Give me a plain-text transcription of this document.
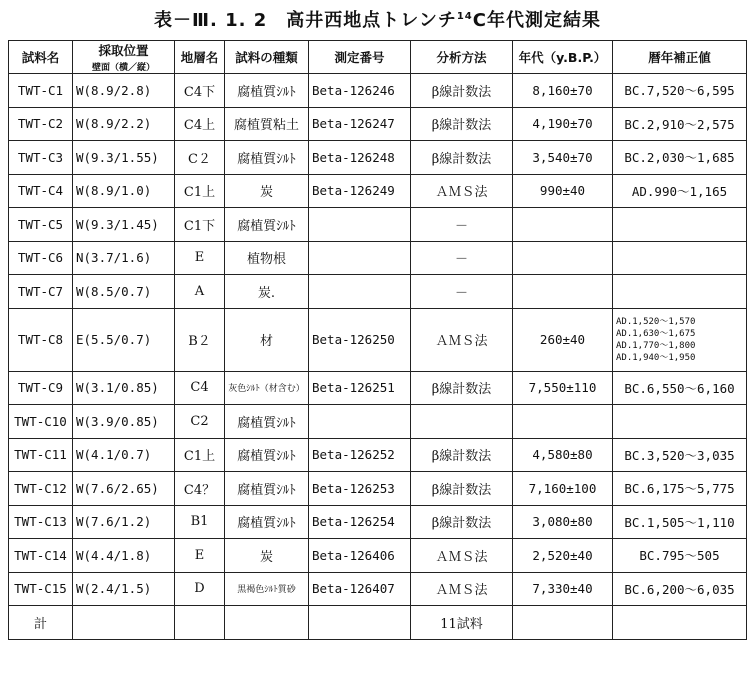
表－Ⅲ. 1. 2　高井西地点トレンチ$^{14}$C年代測定結果
試料名	採取位置
壁面（横／縦）	地層名	試料の種類	測定番号	分析方法	年代（y.B.P.）	暦年補正値
TWT-C1	W(8.9/2.8)	C4下	腐植質ｼﾙﾄ	Beta-126246	β線計数法	8,160±70	BC.7,520～6,595
TWT-C2	W(8.9/2.2)	C4上	腐植質粘土	Beta-126247	β線計数法	4,190±70	BC.2,910～2,575
TWT-C3	W(9.3/1.55)	C２	腐植質ｼﾙﾄ	Beta-126248	β線計数法	3,540±70	BC.2,030～1,685
TWT-C4	W(8.9/1.0)	C1上	炭	Beta-126249	ＡＭＳ法	990±40	AD.990～1,165
TWT-C5	W(9.3/1.45)	C1下	腐植質ｼﾙﾄ		－		
TWT-C6	N(3.7/1.6)	E	植物根		－		
TWT-C7	W(8.5/0.7)	A	炭.		－		
TWT-C8	E(5.5/0.7)	B２	材	Beta-126250	ＡＭＳ法	260±40	AD.1,520～1,570
AD.1,630～1,675
AD.1,770～1,800
AD.1,940～1,950

TWT-C9	W(3.1/0.85)	C4	灰色ｼﾙﾄ（材含む）	Beta-126251	β線計数法	7,550±110	BC.6,550～6,160
TWT-C10	W(3.9/0.85)	C2	腐植質ｼﾙﾄ				
TWT-C11	W(4.1/0.7)	C1上	腐植質ｼﾙﾄ	Beta-126252	β線計数法	4,580±80	BC.3,520～3,035
TWT-C12	W(7.6/2.65)	C4？	腐植質ｼﾙﾄ	Beta-126253	β線計数法	7,160±100	BC.6,175～5,775
TWT-C13	W(7.6/1.2)	B1	腐植質ｼﾙﾄ	Beta-126254	β線計数法	3,080±80	BC.1,505～1,110
TWT-C14	W(4.4/1.8)	E	炭	Beta-126406	ＡＭＳ法	2,520±40	BC.795～505
TWT-C15	W(2.4/1.5)	D	黒褐色ｼﾙﾄ質砂	Beta-126407	ＡＭＳ法	7,330±40	BC.6,200～6,035
計					11試料		
